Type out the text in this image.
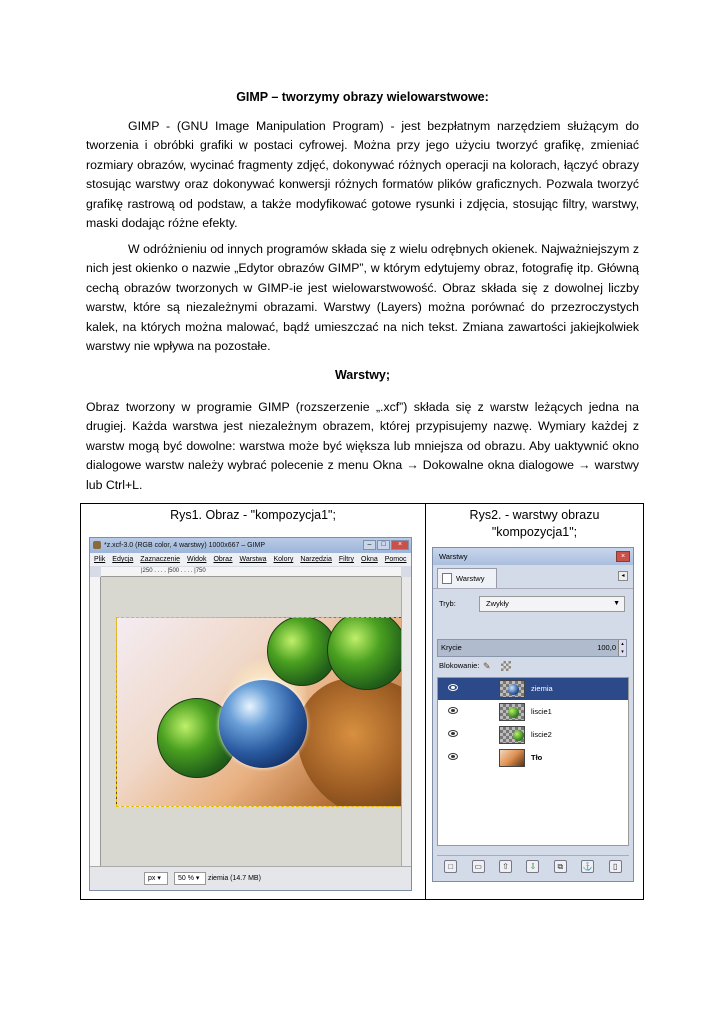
GIMP – tworzymy obrazy wielowarstwowe:
GIMP - (GNU Image Manipulation Program) - jest bezpłatnym narzędziem służącym do tworzenia i obróbki grafiki w postaci cyfrowej. Można przy jego użyciu tworzyć grafikę, zmieniać rozmiary obrazów, wycinać fragmenty zdjęć, dokonywać różnych operacji na kolorach, łączyć obrazy stosując warstwy oraz dokonywać konwersji różnych formatów plików graficznych. Pozwala tworzyć grafikę rastrową od podstaw, a także modyfikować gotowe rysunki i zdjęcia, stosując filtry, warstwy, maski dodając różne efekty.
W odróżnieniu od innych programów składa się z wielu odrębnych okienek. Najważniejszym z nich jest okienko o nazwie „Edytor obrazów GIMP”, w którym edytujemy obraz, fotografię itp. Główną cechą obrazów tworzonych w GIMP-ie jest wielowarstwowość. Obraz składa się z dowolnej liczby warstw, które są niezależnymi obrazami. Warstwy (Layers) można porównać do przezroczystych kalek, na których można malować, bądź umieszczać na nich tekst. Zmiana zawartości jakiejkolwiek warstwy nie wpływa na pozostałe.
Warstwy;
Obraz tworzony w programie GIMP (rozszerzenie „.xcf”) składa się z warstw leżących jedna na drugiej. Każda warstwa jest niezależnym obrazem, której przypisujemy nazwę. Wymiary każdej z warstw mogą być dowolne: warstwa może być większa lub mniejsza od obrazu. Aby uaktywnić okno dialogowe warstw należy wybrać polecenie z menu Okna → Dokowalne okna dialogowe → warstwy lub Ctrl+L.
Rys1. Obraz - "kompozycja1";
*z.xcf-3.0 (RGB color, 4 warstwy) 1000x667 – GIMP	–	□	×
Plik Edycja Zaznaczenie Widok Obraz Warstwa Kolory Narzędzia Filtry Okna Pomoc
|250 . . . . |500 . . . . |750
px ▾	50 % ▾	ziemia (14.7 MB)

Rys2. - warstwy obrazu
"kompozycja1";
Warstwy	×
Warstwy	◂
Tryb:	Zwykły	▼
Krycie	100,0	▴
▾
Blokowanie: ✎
ziemia
liscie1
liscie2
Tło
□	▭	⇧	⇩	⧉	⚓	▯
